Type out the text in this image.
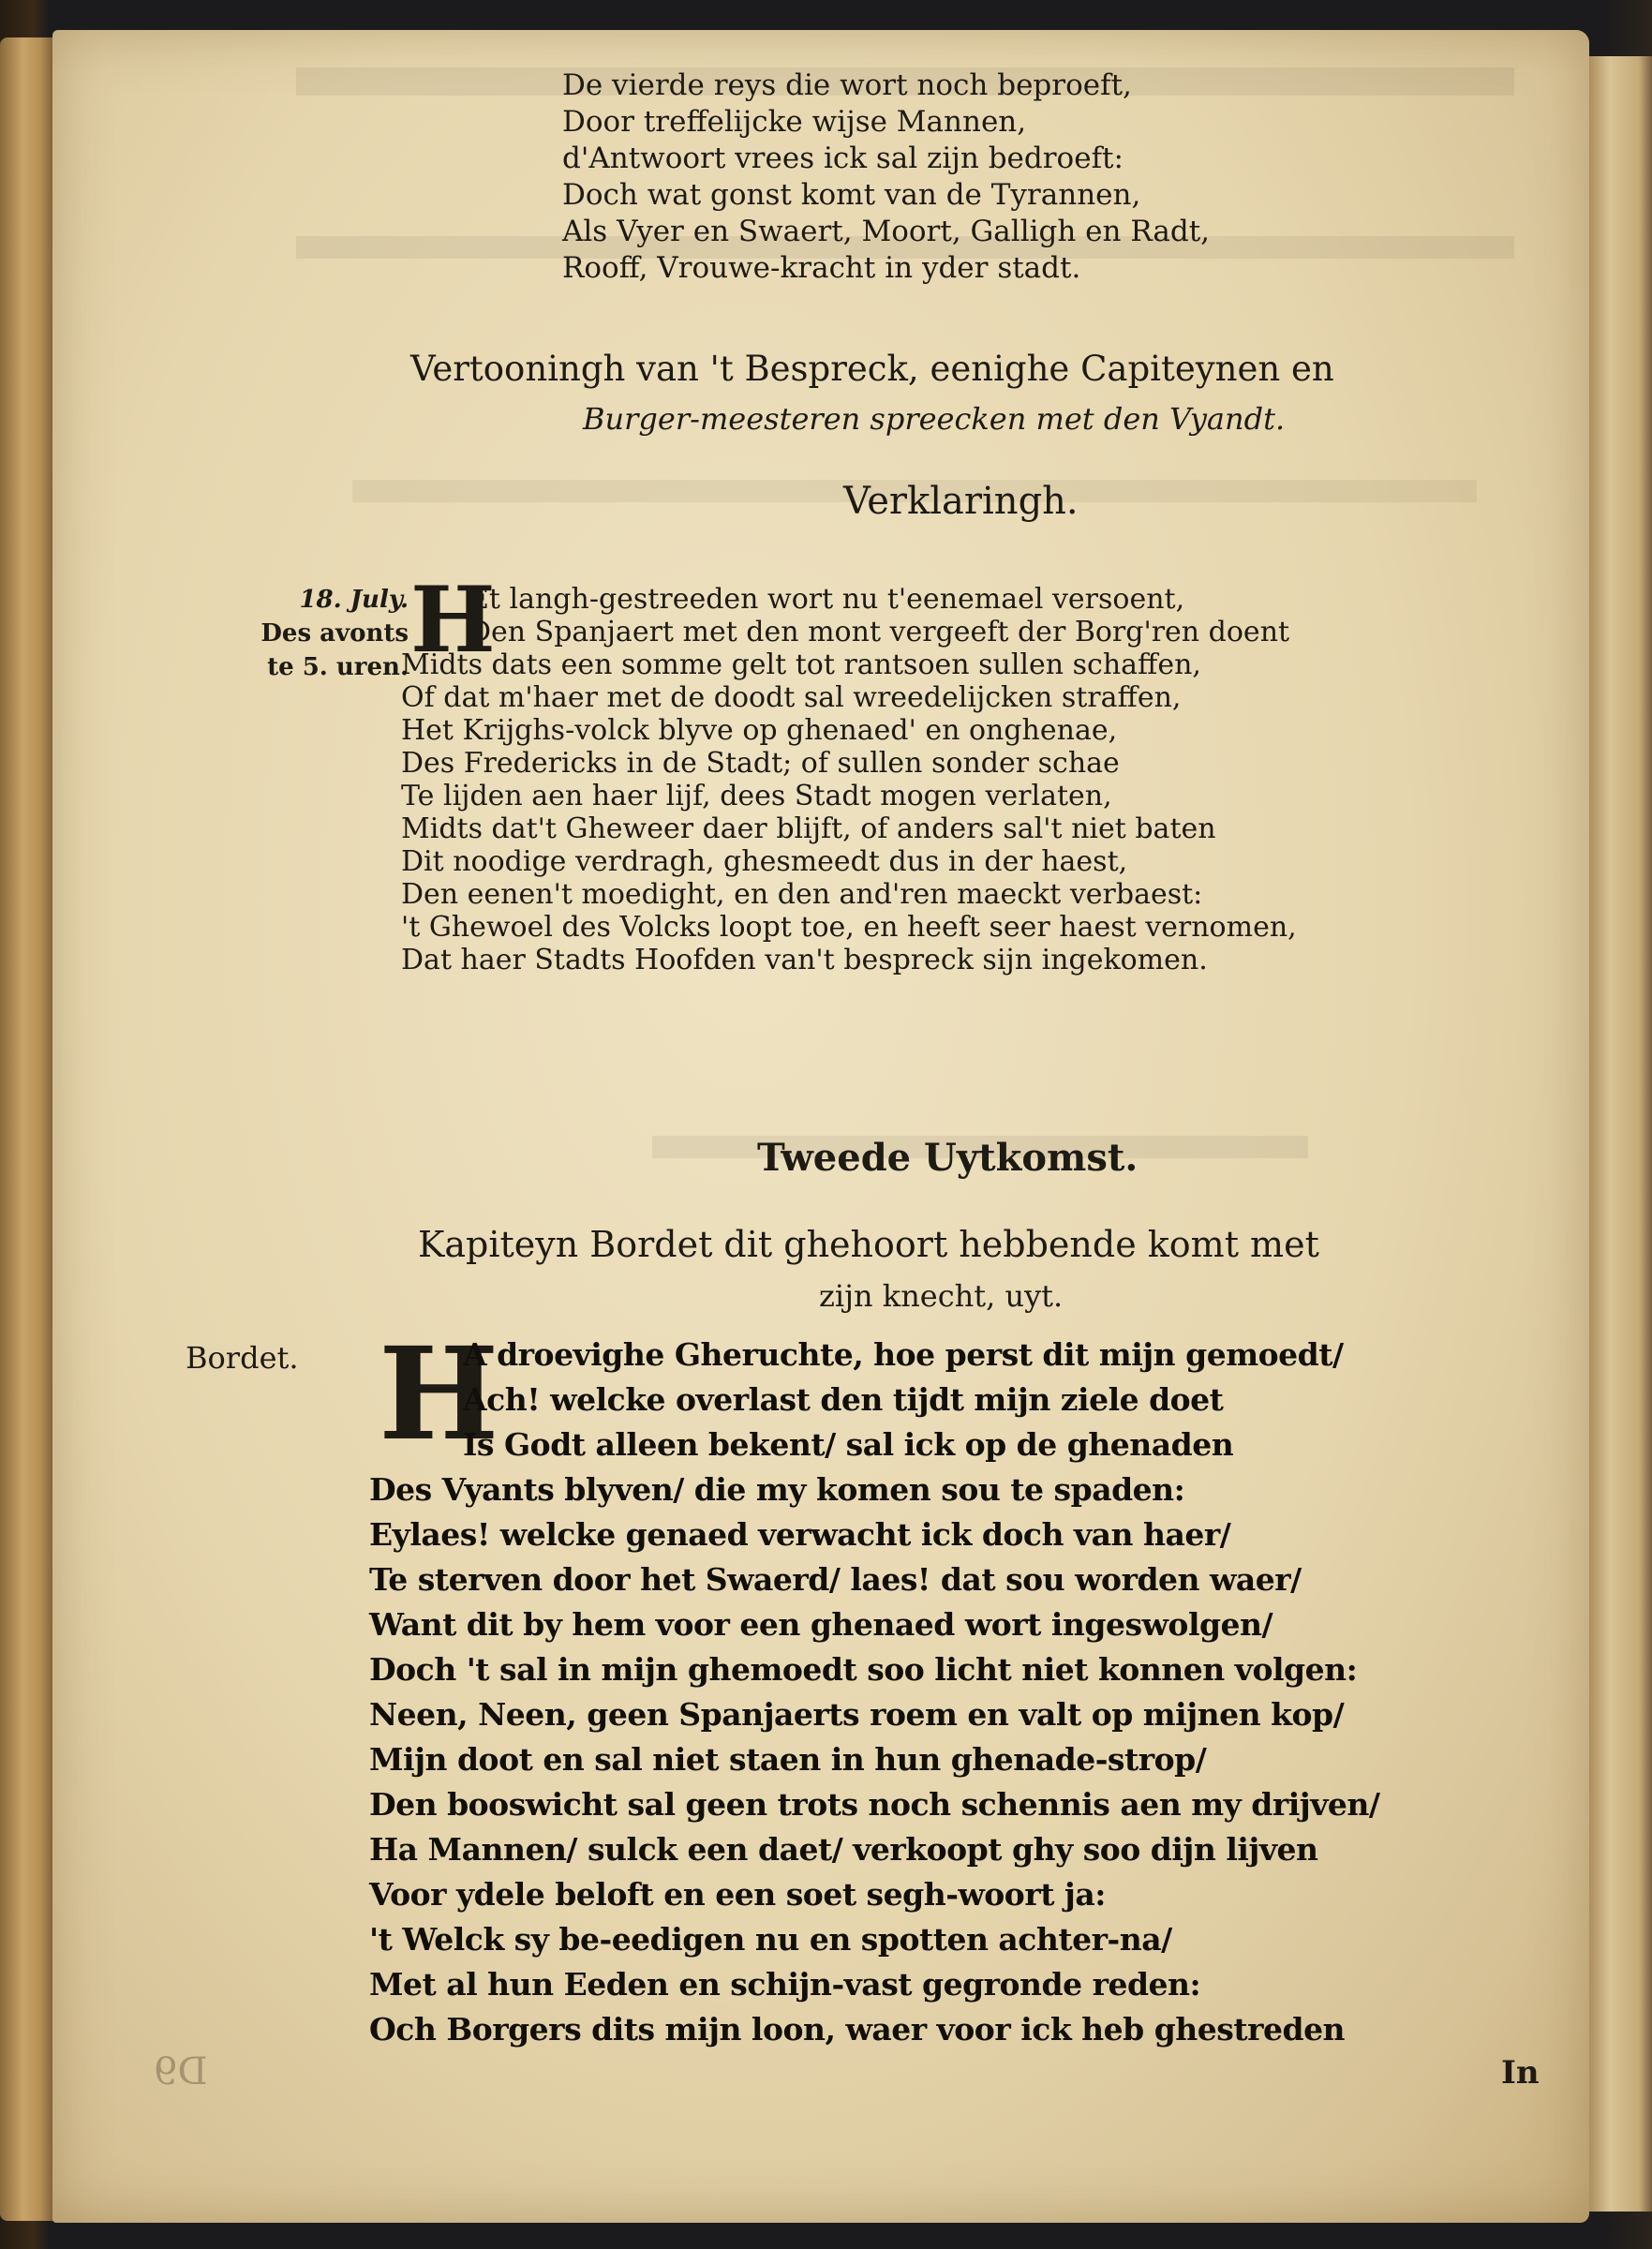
De vierde reys die wort noch beproeft,
Door treffelijcke wijse Mannen,
d'Antwoort vrees ick sal zijn bedroeft:
Doch wat gonst komt van de Tyrannen,
Als Vyer en Swaert, Moort, Galligh en Radt,
Rooff, Vrouwe-kracht in yder stadt.
Vertooningh van 't Bespreck, eenighe Capiteynen en
Burger-meesteren spreecken met den Vyandt.
Verklaringh.
18. July.
Des avonts
te 5. uren. H
Et langh-gestreeden wort nu t'eenemael versoent,
Den Spanjaert met den mont vergeeft der Borg'ren doent
Midts dats een somme gelt tot rantsoen sullen schaffen,
Of dat m'haer met de doodt sal wreedelijcken straffen,
Het Krijghs-volck blyve op ghenaed' en onghenae,
Des Fredericks in de Stadt; of sullen sonder schae
Te lijden aen haer lijf, dees Stadt mogen verlaten,
Midts dat't Gheweer daer blijft, of anders sal't niet baten
Dit noodige verdragh, ghesmeedt dus in der haest,
Den eenen't moedight, en den and'ren maeckt verbaest:
't Ghewoel des Volcks loopt toe, en heeft seer haest vernomen,
Dat haer Stadts Hoofden van't bespreck sijn ingekomen.
Tweede Uytkomst.
Kapiteyn Bordet dit ghehoort hebbende komt met
zijn knecht, uyt.
Bordet. H
A droevighe Gheruchte, hoe perst dit mijn gemoedt/
Ach! welcke overlast den tijdt mijn ziele doet
Is Godt alleen bekent/ sal ick op de ghenaden
Des Vyants blyven/ die my komen sou te spaden:
Eylaes! welcke genaed verwacht ick doch van haer/
Te sterven door het Swaerd/ laes! dat sou worden waer/
Want dit by hem voor een ghenaed wort ingeswolgen/
Doch 't sal in mijn ghemoedt soo licht niet konnen volgen:
Neen, Neen, geen Spanjaerts roem en valt op mijnen kop/
Mijn doot en sal niet staen in hun ghenade-strop/
Den booswicht sal geen trots noch schennis aen my drijven/
Ha Mannen/ sulck een daet/ verkoopt ghy soo dijn lijven
Voor ydele beloft en een soet segh-woort ja:
't Welck sy be-eedigen nu en spotten achter-na/
Met al hun Eeden en schijn-vast gegronde reden:
Och Borgers dits mijn loon, waer voor ick heb ghestreden
In
D9
